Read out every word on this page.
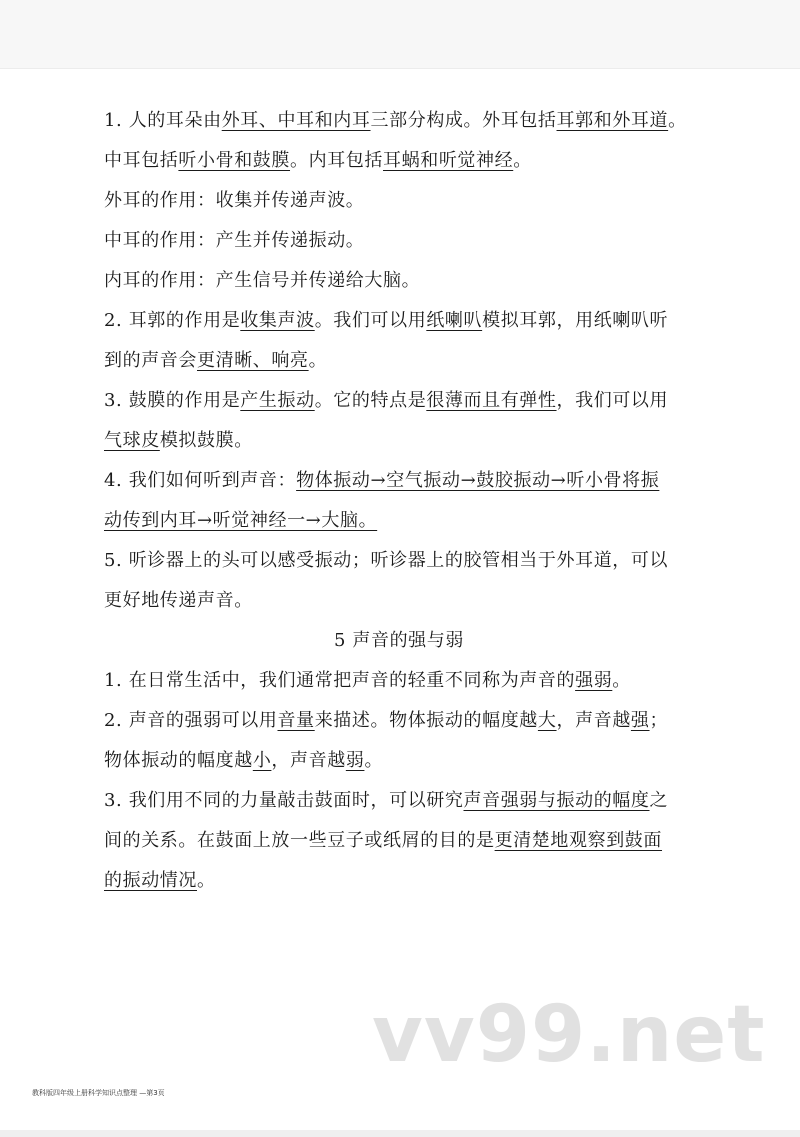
1. 人的耳朵由外耳、中耳和内耳三部分构成。外耳包括耳郭和外耳道。
中耳包括听小骨和鼓膜。内耳包括耳蜗和听觉神经。
外耳的作用：收集并传递声波。
中耳的作用：产生并传递振动。
内耳的作用：产生信号并传递给大脑。
2. 耳郭的作用是收集声波。我们可以用纸喇叭模拟耳郭，用纸喇叭听
到的声音会更清晰、响亮。
3. 鼓膜的作用是产生振动。它的特点是很薄而且有弹性，我们可以用
气球皮模拟鼓膜。
4. 我们如何听到声音：物体振动→空气振动→鼓胶振动→听小骨将振
动传到内耳→听觉神经一→大脑。
5. 听诊器上的头可以感受振动；听诊器上的胶管相当于外耳道，可以
更好地传递声音。
5 声音的强与弱
1. 在日常生活中，我们通常把声音的轻重不同称为声音的强弱。
2. 声音的强弱可以用音量来描述。物体振动的幅度越大，声音越强；
物体振动的幅度越小，声音越弱。
3. 我们用不同的力量敲击鼓面时，可以研究声音强弱与振动的幅度之
间的关系。在鼓面上放一些豆子或纸屑的目的是更清楚地观察到鼓面
的振动情况。
vv99.net
教科版四年级上册科学知识点整理 —第3页
